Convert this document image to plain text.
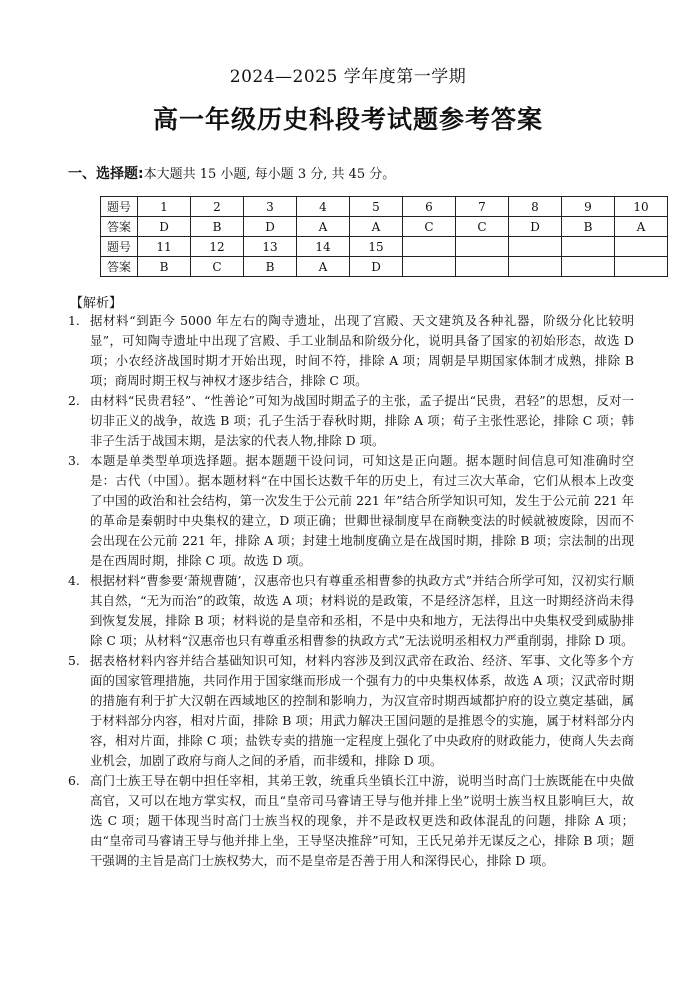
2024—2025 学年度第一学期
高一年级历史科段考试题参考答案
一、选择题:本大题共 15 小题, 每小题 3 分, 共 45 分。
题号	1	2	3	4	5	6	7	8	9	10
答案	D	B	D	A	A	C	C	D	B	A
题号	11	12	13	14	15					
答案	B	C	B	A	D					
【解析】
1. 据材料“到距今 5000 年左右的陶寺遗址，出现了宫殿、天文建筑及各种礼器，阶级分化比较明显”，可知陶寺遗址中出现了宫殿、手工业制品和阶级分化，说明具备了国家的初始形态，故选 D 项；小农经济战国时期才开始出现，时间不符，排除 A 项；周朝是早期国家体制才成熟，排除 B 项；商周时期王权与神权才逐步结合，排除 C 项。
2. 由材料“民贵君轻”、“性善论”可知为战国时期孟子的主张，孟子提出“民贵，君轻”的思想，反对一切非正义的战争，故选 B 项；孔子生活于春秋时期，排除 A 项；荀子主张性恶论，排除 C 项；韩非子生活于战国末期，是法家的代表人物,排除 D 项。
3. 本题是单类型单项选择题。据本题题干设问词，可知这是正向题。据本题时间信息可知准确时空是：古代（中国）。据本题材料“在中国长达数千年的历史上，有过三次大革命，它们从根本上改变了中国的政治和社会结构，第一次发生于公元前 221 年”结合所学知识可知，发生于公元前 221 年的革命是秦朝时中央集权的建立，D 项正确；世卿世禄制度早在商鞅变法的时候就被废除，因而不会出现在公元前 221 年，排除 A 项；封建土地制度确立是在战国时期，排除 B 项；宗法制的出现是在西周时期，排除 C 项。故选 D 项。
4. 根据材料“曹参要‘萧规曹随’，汉惠帝也只有尊重丞相曹参的执政方式”并结合所学可知，汉初实行顺其自然，“无为而治”的政策，故选 A 项；材料说的是政策，不是经济怎样，且这一时期经济尚未得到恢复发展，排除 B 项；材料说的是皇帝和丞相，不是中央和地方，无法得出中央集权受到威胁排除 C 项；从材料“汉惠帝也只有尊重丞相曹参的执政方式”无法说明丞相权力严重削弱，排除 D 项。
5. 据表格材料内容并结合基础知识可知，材料内容涉及到汉武帝在政治、经济、军事、文化等多个方面的国家管理措施，共同作用于国家继而形成一个强有力的中央集权体系，故选 A 项；汉武帝时期的措施有利于扩大汉朝在西域地区的控制和影响力，为汉宣帝时期西域都护府的设立奠定基础，属于材料部分内容，相对片面，排除 B 项；用武力解决王国问题的是推恩令的实施，属于材料部分内容，相对片面，排除 C 项；盐铁专卖的措施一定程度上强化了中央政府的财政能力，使商人失去商业机会，加剧了政府与商人之间的矛盾，而非缓和，排除 D 项。
6. 高门士族王导在朝中担任宰相，其弟王敦，统重兵坐镇长江中游，说明当时高门士族既能在中央做高官，又可以在地方掌实权，而且“皇帝司马睿请王导与他并排上坐”说明士族当权且影响巨大，故选 C 项；题干体现当时高门士族当权的现象，并不是政权更迭和政体混乱的问题，排除 A 项；由“皇帝司马睿请王导与他并排上坐，王导坚决推辞”可知，王氏兄弟并无谋反之心，排除 B 项；题干强调的主旨是高门士族权势大，而不是皇帝是否善于用人和深得民心，排除 D 项。
